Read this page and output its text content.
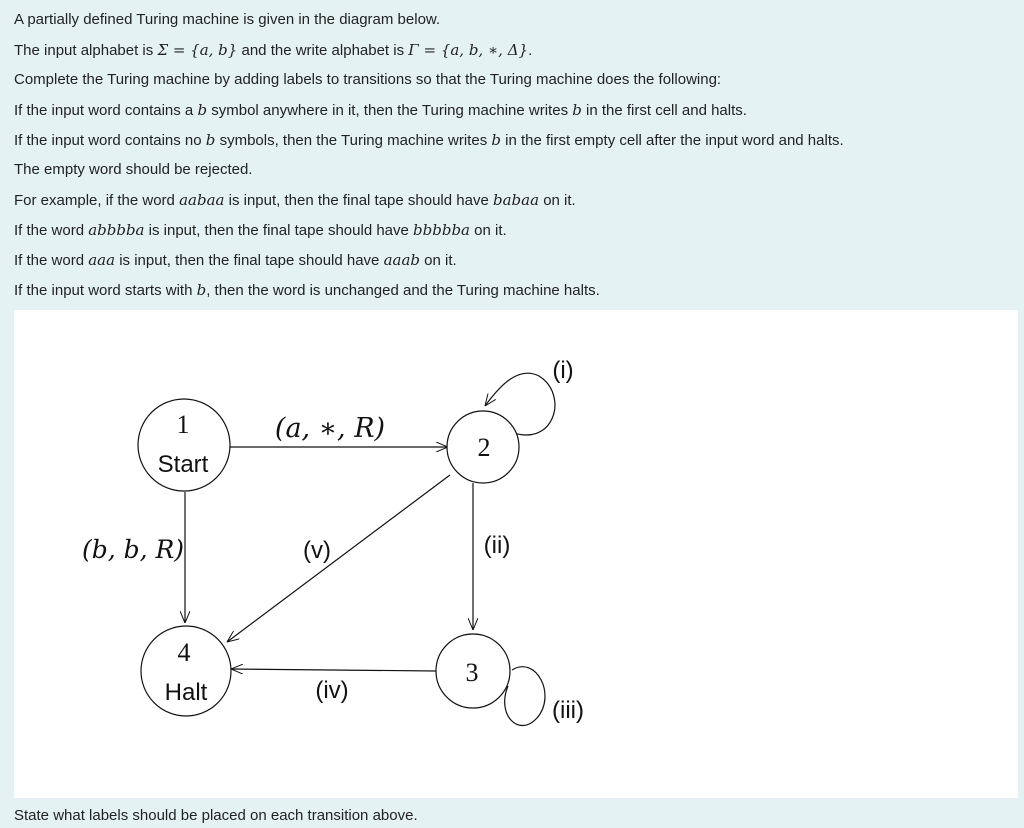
A partially defined Turing machine is given in the diagram below.
The input alphabet is Σ = {a, b} and the write alphabet is Γ = {a, b, ∗, Δ}.
Complete the Turing machine by adding labels to transitions so that the Turing machine does the following:
If the input word contains a b symbol anywhere in it, then the Turing machine writes b in the first cell and halts.
If the input word contains no b symbols, then the Turing machine writes b in the first empty cell after the input word and halts.
The empty word should be rejected.
For example, if the word aabaa is input, then the final tape should have babaa on it.
If the word abbbba is input, then the final tape should have bbbbba on it.
If the word aaa is input, then the final tape should have aaab on it.
If the input word starts with b, then the word is unchanged and the Turing machine halts.
1
Start
2
3
4
Halt
(a, ∗, R)
(b, b, R)
(i)
(ii)
(iii)
(iv)
(v)
State what labels should be placed on each transition above.
